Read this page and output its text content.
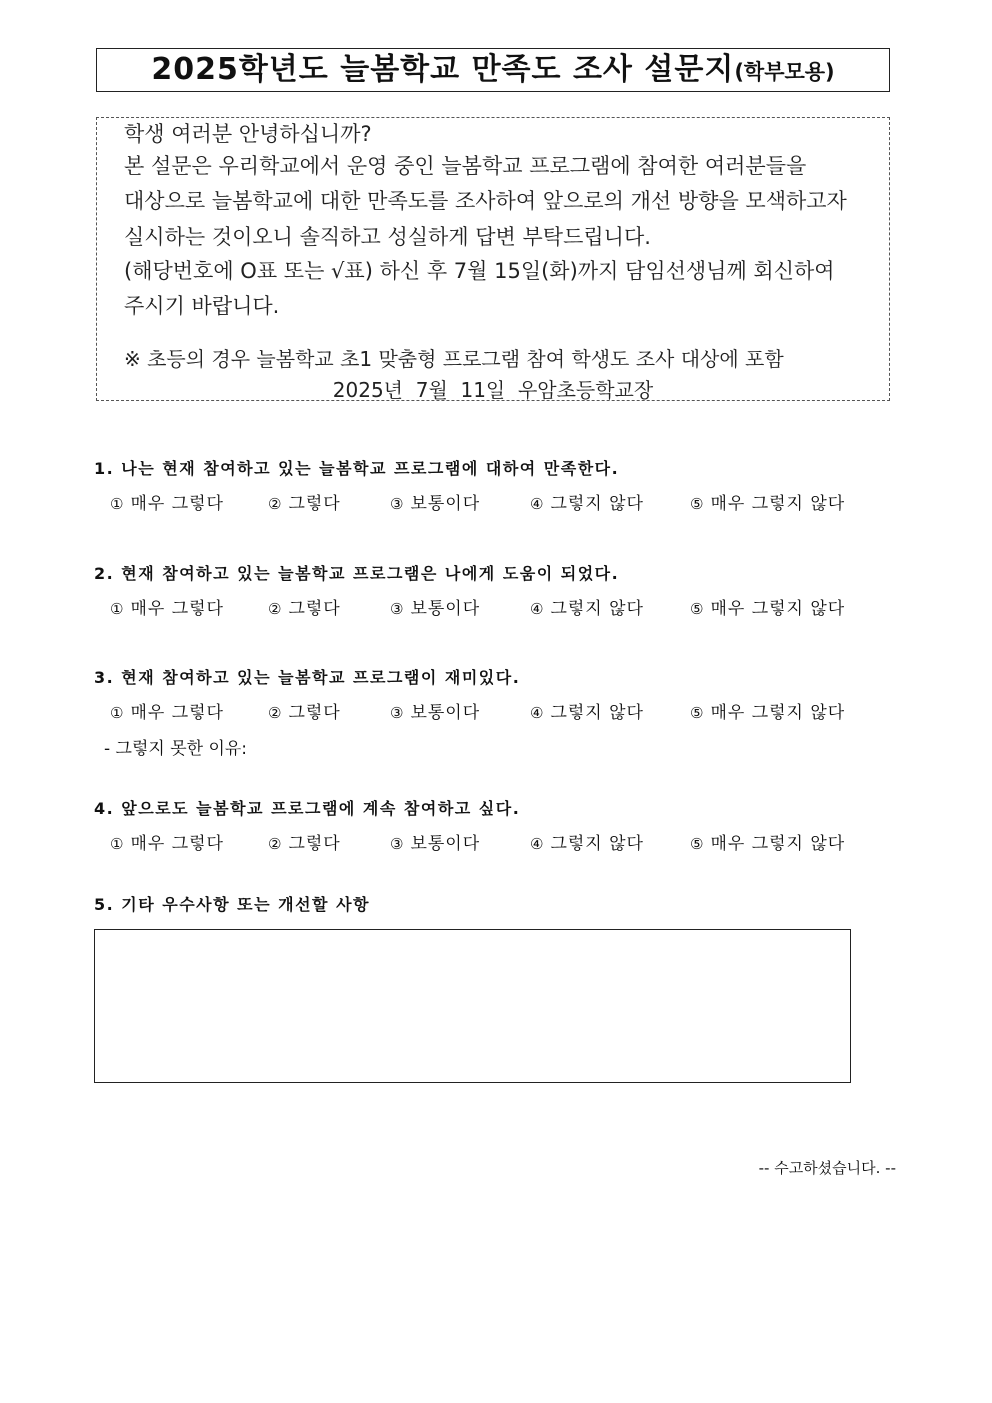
2025학년도 늘봄학교 만족도 조사 설문지(학부모용)
학생 여러분 안녕하십니까?
본 설문은 우리학교에서 운영 중인 늘봄학교 프로그램에 참여한 여러분들을
대상으로 늘봄학교에 대한 만족도를 조사하여 앞으로의 개선 방향을 모색하고자
실시하는 것이오니 솔직하고 성실하게 답변 부탁드립니다.
(해당번호에 O표 또는 √표) 하신 후 7월 15일(화)까지 담임선생님께 회신하여
주시기 바랍니다.
※ 초등의 경우 늘봄학교 초1 맞춤형 프로그램 참여 학생도 조사 대상에 포함
2025년  7월  11일  우암초등학교장
1. 나는 현재 참여하고 있는 늘봄학교 프로그램에 대하여 만족한다.
① 매우 그렇다	② 그렇다	③ 보통이다	④ 그렇지 않다	⑤ 매우 그렇지 않다
2. 현재 참여하고 있는 늘봄학교 프로그램은 나에게 도움이 되었다.
① 매우 그렇다	② 그렇다	③ 보통이다	④ 그렇지 않다	⑤ 매우 그렇지 않다
3. 현재 참여하고 있는 늘봄학교 프로그램이 재미있다.
① 매우 그렇다	② 그렇다	③ 보통이다	④ 그렇지 않다	⑤ 매우 그렇지 않다
- 그렇지 못한 이유:
4. 앞으로도 늘봄학교 프로그램에 계속 참여하고 싶다.
① 매우 그렇다	② 그렇다	③ 보통이다	④ 그렇지 않다	⑤ 매우 그렇지 않다
5. 기타 우수사항 또는 개선할 사항
-- 수고하셨습니다. --
